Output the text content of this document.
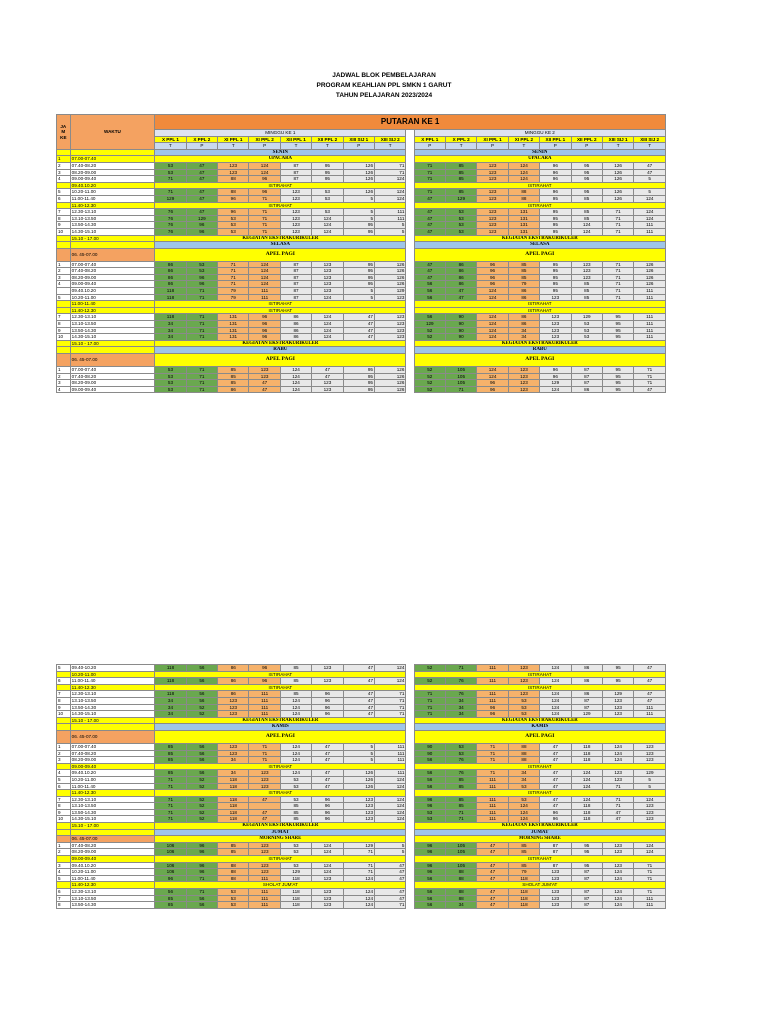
JADWAL BLOK PEMBELAJARAN
PROGRAM KEAHLIAN PPL SMKN 1 GARUT
TAHUN PELAJARAN 2023/2024
JA M KE	WAKTU	PUTARAN KE 1																
		MINGGU KE 1									MINGGU KE 2							
		X PPL 1	X PPL 2	XI PPL 1	XI PPL 2	XII PPL 1	XII PPL 2	XIII SIJ 1	XIII SIJ 2		X PPL 1	X PPL 2	XI PPL 1	XI PPL 2	XII PPL 1	XII PPL 2	XIII SIJ 1	XIII SIJ 2
		T	P	T	P	T	T	P	T		P	T	P	T	P	P	T	T
		SENIN									SENIN							
1	07.00-07.40	UPACARA									UPACARA							
2	07.40-08.20	53	47	123	124	87	95	126	71		71	85	123	124	96	95	126	47
3	08.20-09.00	53	47	123	124	87	95	126	71		71	85	123	124	96	95	126	47
4	09.00-09.40	71	47	88	96	87	95	126	124		71	85	123	124	96	95	126	5
	09.40.10.20	ISTIRAHAT									ISTIRAHAT							
5	10.20-11.00	71	47	88	96	123	53	126	124		71	85	123	88	96	95	126	5
6	11.00-11.40	129	47	96	71	123	53	5	124		47	129	123	88	95	85	126	124
	11.40-12.30	ISTIRAHAT									ISTIRAHAT							
7	12.30-13.10	76	47	96	71	123	53	5	111		47	53	123	131	95	85	71	124
8	13.10-13.50	76	129	53	71	123	124	5	111		47	53	123	131	95	85	71	124
9	13.50-14.30	76	96	53	71	123	124	95	5		47	53	123	131	95	124	71	111
10	14.30-15.10	76	96	53	71	123	124	95	5		47	53	123	131	95	124	71	111
	15.10 - 17.00	KEGIATAN EKSTRAKURIKULER									KEGIATAN EKSTRAKURIKULER							
		SELASA									SELASA							
	06. 45-07.00	APEL PAGI									APEL PAGI							
1	07.00-07.40	86	53	71	124	87	123	95	126		47	86	96	85	95	123	71	126
2	07.40-08.20	86	53	71	124	87	123	95	126		47	86	96	85	95	123	71	126
3	08.20-09.00	86	96	71	124	87	123	95	126		47	86	96	85	95	123	71	126
4	09.00-09.40	86	96	71	124	87	123	95	126		56	86	96	79	95	85	71	126
	09.40.10.20	118	71	79	111	87	123	5	129		56	47	124	86	95	85	71	111
5	10.20-11.00	118	71	79	111	87	124	5	123		56	47	124	86	123	85	71	111
	11.00-11.40	ISTIRAHAT									ISTIRAHAT							
	11.40-12.30	ISTIRAHAT									ISTIRAHAT							
7	12.30-13.10	118	71	131	96	86	124	47	123		56	90	124	86	123	129	95	111
8	13.10-13.50	34	71	131	96	86	124	47	123		129	90	124	86	123	53	95	111
9	13.50-14.30	34	71	131	96	86	124	47	123		52	90	124	34	123	53	95	111
10	14.30-15.10	34	71	131	96	86	124	47	123		52	90	124	34	123	53	95	111
	15.10 - 17.00	KEGIATAN EKSTRAKURIKULER									KEGIATAN EKSTRAKURIKULER							
		RABU									RABU							
	06. 45-07.00	APEL PAGI									APEL PAGI							
1	07.00-07.40	53	71	85	123	124	47	95	126		52	105	124	123	96	87	95	71
2	07.40-08.20	53	71	85	123	124	47	95	126		52	105	124	123	96	87	95	71
3	08.20-09.00	53	71	85	47	124	123	95	126		52	105	96	123	129	87	95	71
4	09.00-09.40	53	71	86	47	124	123	95	126		52	71	96	123	124	86	95	47
5	09.40-10.20	118	56	86	96	85	123	47	124		52	71	111	123	124	86	95	47
	10.20-11.00	ISTIRAHAT									ISTIRAHAT							
6	11.00-11.40	118	56	86	96	85	123	47	124		52	76	111	123	124	86	95	47
	11.40-12.30	ISTIRAHAT									ISTIRAHAT							
7	12.30-13.10	118	56	86	111	85	96	47	71		71	76	111	123	124	86	129	47
8	13.10-13.50	34	56	123	111	124	96	47	71		71	34	111	53	124	87	123	47
9	13.50-14.30	34	52	123	111	124	96	47	71		71	34	96	53	124	87	123	111
10	14.30-15.10	34	52	123	111	124	96	47	71		71	34	96	53	124	129	123	111
	15.10 - 17.00	KEGIATAN EKSTRAKURIKULER									KEGIATAN EKSTRAKURIKULER							
		KAMIS									KAMIS							
	06. 45-07.00	APEL PAGI									APEL PAGI							
1	07.00-07.40	85	56	123	71	124	47	5	111		90	53	71	88	47	118	124	123
2	07.40-08.20	85	56	123	71	124	47	5	111		90	53	71	88	47	118	124	123
3	08.20-09.00	85	56	34	71	124	47	5	111		56	76	71	88	47	118	124	123
	09.00-09.40	ISTIRAHAT									ISTIRAHAT							
4	09.40.10.20	85	56	34	123	124	47	126	111		56	76	71	34	47	124	123	129
5	10.20-11.00	71	52	118	123	53	47	126	124		56	85	111	34	47	124	123	5
6	11.00-11.40	71	52	118	123	53	47	126	124		56	85	111	53	47	124	71	5
	11.40-12.30	ISTIRAHAT									ISTIRAHAT							
7	12.30-13.10	71	52	118	47	53	96	123	124		96	85	111	53	47	124	71	124
8	13.10-13.50	71	52	118		85	96	123	124		96	85	111	124	47	118	71	123
9	13.50-14.30	71	52	118	47	85	96	123	124		53	71	111	124	96	118	47	123
10	14.30-15.10	71	52	118	47	85	96	123	124		53	71	111	124	96	118	47	123
	15.10 - 17.00	KEGIATAN EKSTRAKURIKULER									KEGIATAN EKSTRAKURIKULER							
		JUMAT									JUMAT							
	06. 45-07.00	MORNING SHARE									MORNING SHARE							
1	07.40-08.20	106	96	85	123	53	124	129	5		96	105	47	85	87	95	123	124
2	08.20-09.00	106	96	85	123	53	124	71	5		96	105	47	85	87	95	123	124
	09.00-09.40	ISTIRAHAT									ISTIRAHAT							
3	09.40.10.20	106	96	88	123	53	124	71	47		96	105	47	85	87	95	123	71
4	10.20-11.00	106	96	88	123	129	124	71	47		96	88	47	79	123	87	124	71
5	11.00-11.40	96	71	88	111	118	123	124	47		56	88	47	118	123	87	124	71
	11.40-12.30	SHOLAT JUM'AT									SHOLAT JUM'AT							
6	12.30-13.10	56	71	53	111	118	123	124	47		56	88	47	118	123	87	124	71
7	13.10-13.50	85	56	53	111	118	123	124	47		56	88	47	118	123	87	124	111
8	13.50-14.30	85	56	53	111	118	123	124	71		56	34	47	118	123	87	124	111
